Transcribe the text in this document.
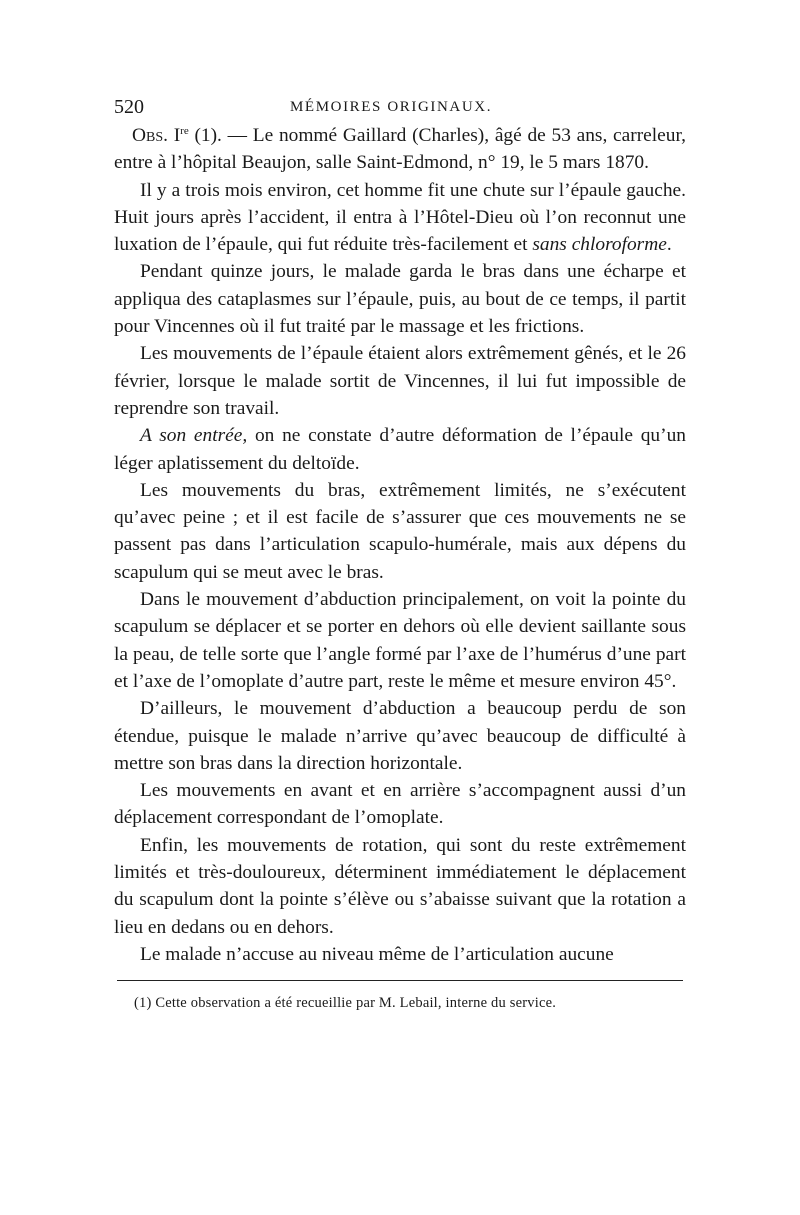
520	MÉMOIRES ORIGINAUX.

Obs. Ire (1). — Le nommé Gaillard (Charles), âgé de 53 ans, carreleur, entre à l’hôpital Beaujon, salle Saint-Edmond, n° 19, le 5 mars 1870.

Il y a trois mois environ, cet homme fit une chute sur l’épaule gauche. Huit jours après l’accident, il entra à l’Hôtel-Dieu où l’on reconnut une luxation de l’épaule, qui fut réduite très-facilement et sans chloroforme.

Pendant quinze jours, le malade garda le bras dans une écharpe et appliqua des cataplasmes sur l’épaule, puis, au bout de ce temps, il partit pour Vincennes où il fut traité par le massage et les frictions.

Les mouvements de l’épaule étaient alors extrêmement gênés, et le 26 février, lorsque le malade sortit de Vincennes, il lui fut impossible de reprendre son travail.

A son entrée, on ne constate d’autre déformation de l’épaule qu’un léger aplatissement du deltoïde.

Les mouvements du bras, extrêmement limités, ne s’exécutent qu’avec peine ; et il est facile de s’assurer que ces mouvements ne se passent pas dans l’articulation scapulo-humérale, mais aux dépens du scapulum qui se meut avec le bras.

Dans le mouvement d’abduction principalement, on voit la pointe du scapulum se déplacer et se porter en dehors où elle devient saillante sous la peau, de telle sorte que l’angle formé par l’axe de l’humérus d’une part et l’axe de l’omoplate d’autre part, reste le même et mesure environ 45°.

D’ailleurs, le mouvement d’abduction a beaucoup perdu de son étendue, puisque le malade n’arrive qu’avec beaucoup de difficulté à mettre son bras dans la direction horizontale.

Les mouvements en avant et en arrière s’accompagnent aussi d’un déplacement correspondant de l’omoplate.

Enfin, les mouvements de rotation, qui sont du reste extrêmement limités et très-douloureux, déterminent immédiatement le déplacement du scapulum dont la pointe s’élève ou s’abaisse suivant que la rotation a lieu en dedans ou en dehors.

Le malade n’accuse au niveau même de l’articulation aucune

(1) Cette observation a été recueillie par M. Lebail, interne du service.
